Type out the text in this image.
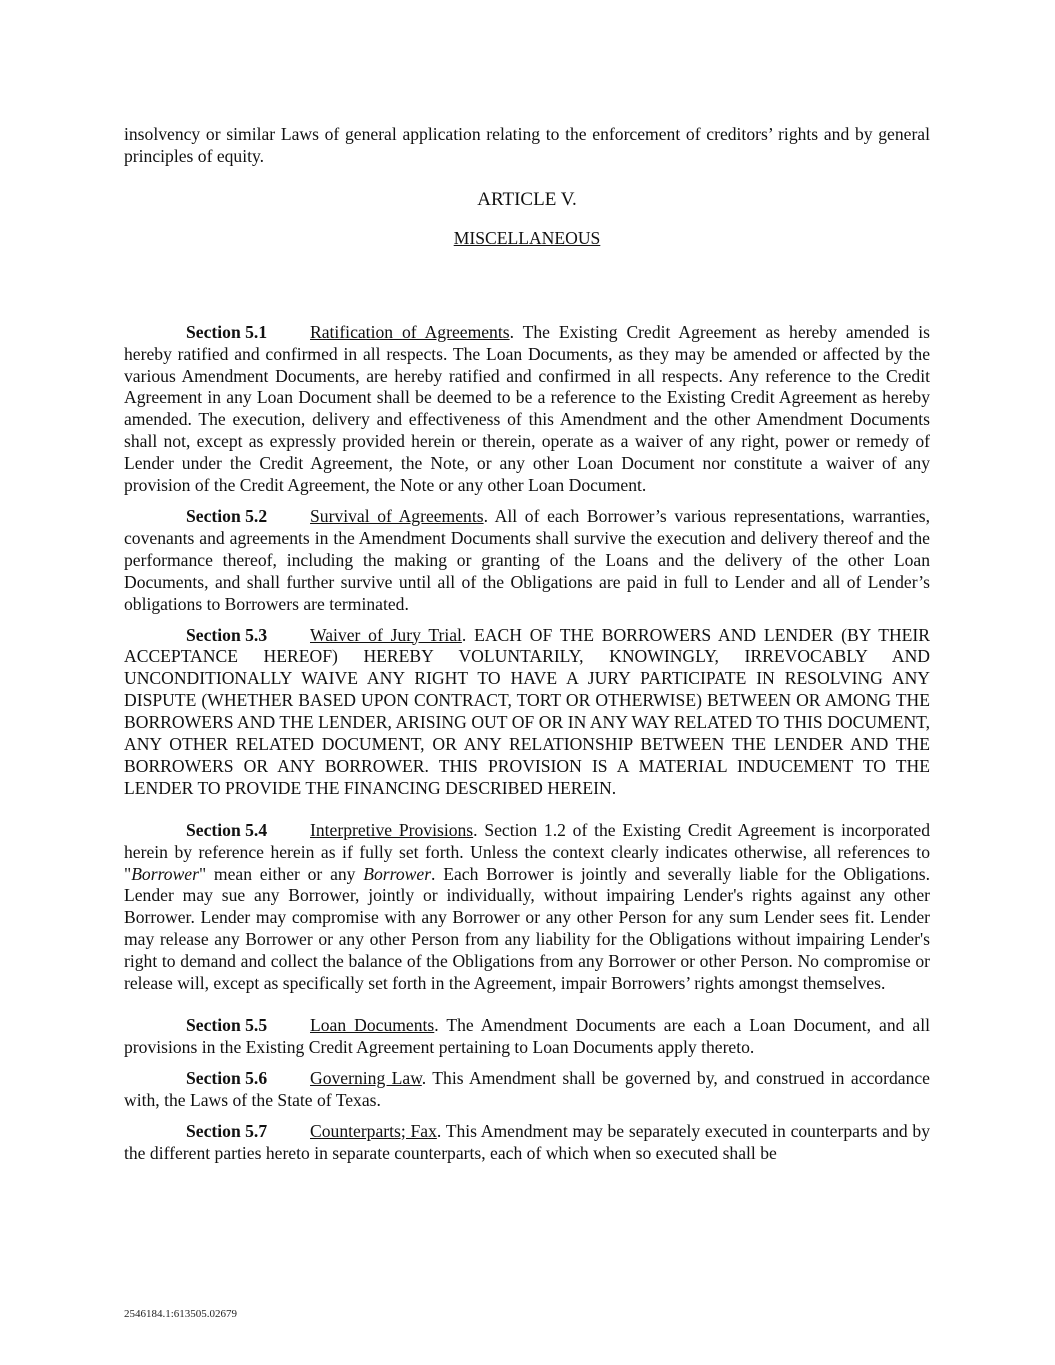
insolvency or similar Laws of general application relating to the enforcement of creditors’ rights and by general principles of equity.

ARTICLE V.
MISCELLANEOUS

Section 5.1 Ratification of Agreements. The Existing Credit Agreement as hereby amended is hereby ratified and confirmed in all respects. The Loan Documents, as they may be amended or affected by the various Amendment Documents, are hereby ratified and confirmed in all respects. Any reference to the Credit Agreement in any Loan Document shall be deemed to be a reference to the Existing Credit Agreement as hereby amended. The execution, delivery and effectiveness of this Amendment and the other Amendment Documents shall not, except as expressly provided herein or therein, operate as a waiver of any right, power or remedy of Lender under the Credit Agreement, the Note, or any other Loan Document nor constitute a waiver of any provision of the Credit Agreement, the Note or any other Loan Document.

Section 5.2 Survival of Agreements. All of each Borrower’s various representations, warranties, covenants and agreements in the Amendment Documents shall survive the execution and delivery thereof and the performance thereof, including the making or granting of the Loans and the delivery of the other Loan Documents, and shall further survive until all of the Obligations are paid in full to Lender and all of Lender’s obligations to Borrowers are terminated.

Section 5.3 Waiver of Jury Trial. EACH OF THE BORROWERS AND LENDER (BY THEIR ACCEPTANCE HEREOF) HEREBY VOLUNTARILY, KNOWINGLY, IRREVOCABLY AND UNCONDITIONALLY WAIVE ANY RIGHT TO HAVE A JURY PARTICIPATE IN RESOLVING ANY DISPUTE (WHETHER BASED UPON CONTRACT, TORT OR OTHERWISE) BETWEEN OR AMONG THE BORROWERS AND THE LENDER, ARISING OUT OF OR IN ANY WAY RELATED TO THIS DOCUMENT, ANY OTHER RELATED DOCUMENT, OR ANY RELATIONSHIP BETWEEN THE LENDER AND THE BORROWERS OR ANY BORROWER. THIS PROVISION IS A MATERIAL INDUCEMENT TO THE LENDER TO PROVIDE THE FINANCING DESCRIBED HEREIN.

Section 5.4 Interpretive Provisions. Section 1.2 of the Existing Credit Agreement is incorporated herein by reference herein as if fully set forth. Unless the context clearly indicates otherwise, all references to "Borrower" mean either or any Borrower. Each Borrower is jointly and severally liable for the Obligations. Lender may sue any Borrower, jointly or individually, without impairing Lender's rights against any other Borrower. Lender may compromise with any Borrower or any other Person for any sum Lender sees fit. Lender may release any Borrower or any other Person from any liability for the Obligations without impairing Lender's right to demand and collect the balance of the Obligations from any Borrower or other Person. No compromise or release will, except as specifically set forth in the Agreement, impair Borrowers’ rights amongst themselves.

Section 5.5 Loan Documents. The Amendment Documents are each a Loan Document, and all provisions in the Existing Credit Agreement pertaining to Loan Documents apply thereto.

Section 5.6 Governing Law. This Amendment shall be governed by, and construed in accordance with, the Laws of the State of Texas.

Section 5.7 Counterparts; Fax. This Amendment may be separately executed in counterparts and by the different parties hereto in separate counterparts, each of which when so executed shall be

2546184.1:613505.02679
